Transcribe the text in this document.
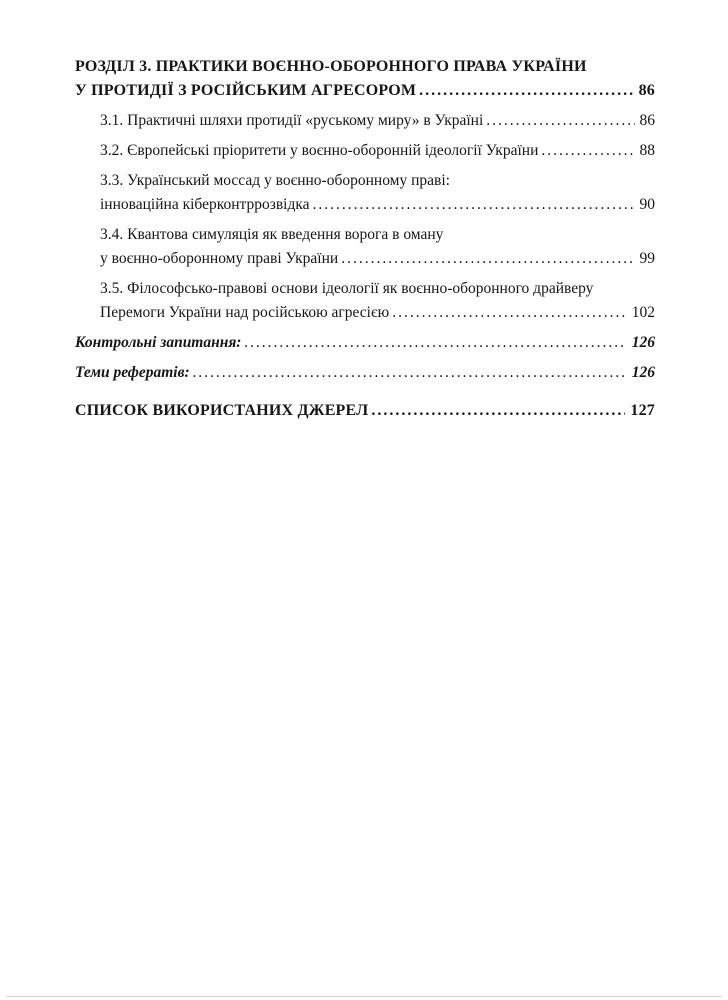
РОЗДІЛ 3. ПРАКТИКИ ВОЄННО-ОБОРОННОГО ПРАВА УКРАЇНИ
У ПРОТИДІЇ З РОСІЙСЬКИМ АГРЕСОРОМ .....	86
3.1. Практичні шляхи протидії «руському миру» в Україні .....	86
3.2. Європейські пріоритети у воєнно-оборонній ідеології України .....	88
3.3. Український моссад у воєнно-оборонному праві:
інноваційна кіберконтррозвідка .....	90
3.4. Квантова симуляція як введення ворога в оману
у воєнно-оборонному праві України .....	99
3.5. Філософсько-правові основи ідеології як воєнно-оборонного драйверу
Перемоги України над російською агресією .....	102
Контрольні запитання: .....	126
Теми рефератів: .....	126
СПИСОК ВИКОРИСТАНИХ ДЖЕРЕЛ .....	127
